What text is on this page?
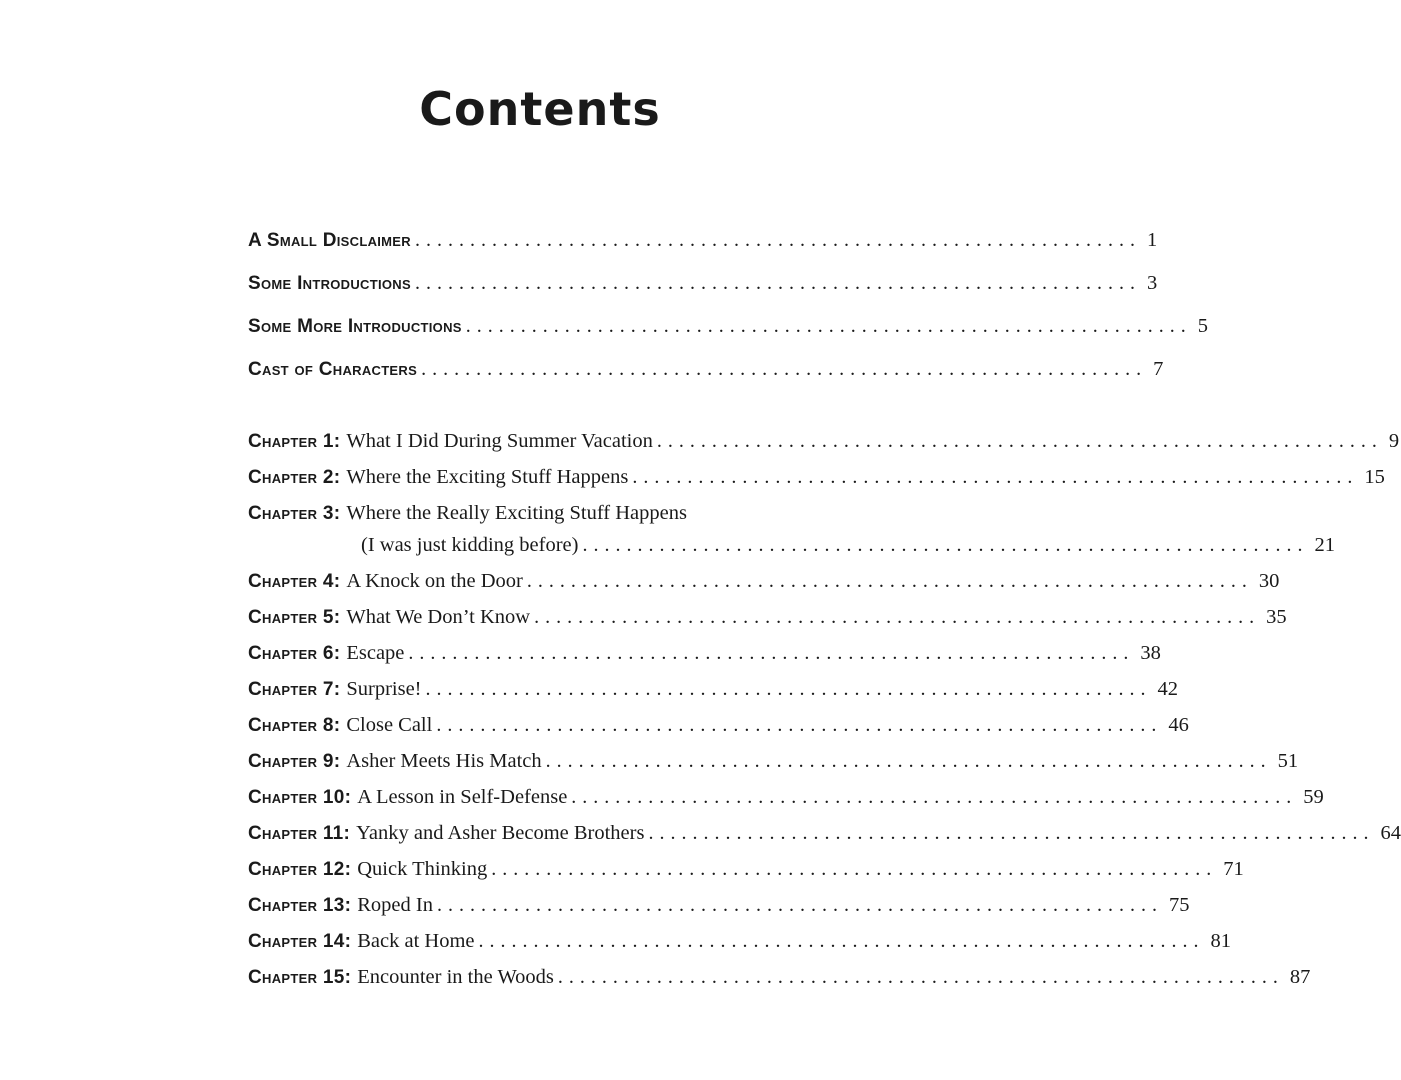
Contents
A Small Disclaimer .................................................................. 1
Some Introductions .................................................................. 3
Some More Introductions .................................................................. 5
Cast of Characters .................................................................. 7
Chapter 1: What I Did During Summer Vacation .................................................................. 9
Chapter 2: Where the Exciting Stuff Happens .................................................................. 15
Chapter 3: Where the Really Exciting Stuff Happens
(I was just kidding before) .................................................................. 21
Chapter 4: A Knock on the Door .................................................................. 30
Chapter 5: What We Don’t Know .................................................................. 35
Chapter 6: Escape .................................................................. 38
Chapter 7: Surprise! .................................................................. 42
Chapter 8: Close Call .................................................................. 46
Chapter 9: Asher Meets His Match .................................................................. 51
Chapter 10: A Lesson in Self-Defense .................................................................. 59
Chapter 11: Yanky and Asher Become Brothers .................................................................. 64
Chapter 12: Quick Thinking .................................................................. 71
Chapter 13: Roped In .................................................................. 75
Chapter 14: Back at Home .................................................................. 81
Chapter 15: Encounter in the Woods .................................................................. 87
